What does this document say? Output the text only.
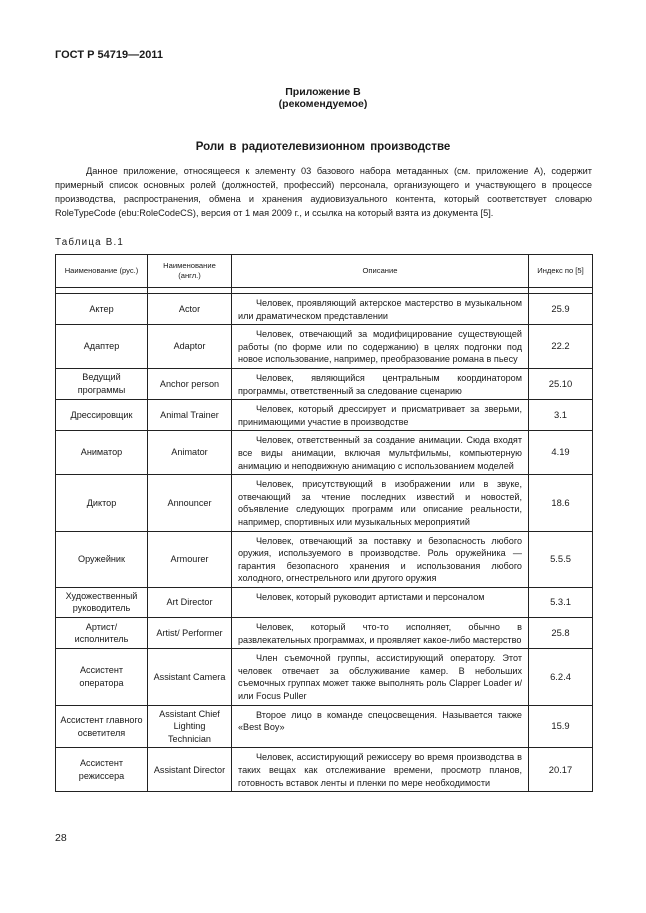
ГОСТ Р 54719—2011
Приложение В
(рекомендуемое)
Роли в радиотелевизионном производстве

Данное приложение, относящееся к элементу 03 базового набора метаданных (см. приложение А), содержит примерный список основных ролей (должностей, профессий) персонала, организующего и участвующего в процессе производства, распространения, обмена и хранения аудиовизуального контента, который соответствует словарю RoleTypeCode (ebu:RoleCodeCS), версия от 1 мая 2009 г., и ссылка на который взята из документа [5].

Таблица В.1
Наименование (рус.)	Наименование (англ.)	Описание	Индекс по [5]

Актер	Actor	Человек, проявляющий актерское мастерство в музыкальном или драматическом представлении	25.9
Адаптер	Adaptor	Человек, отвечающий за модифицирование существующей работы (по форме или по содержанию) в целях подгонки под новое использование, например, преобразование романа в пьесу	22.2
Ведущий программы	Anchor person	Человек, являющийся центральным координатором программы, ответственный за следование сценарию	25.10
Дрессировщик	Animal Trainer	Человек, который дрессирует и присматривает за зверьми, принимающими участие в производстве	3.1
Аниматор	Animator	Человек, ответственный за создание анимации. Сюда входят все виды анимации, включая мультфильмы, компьютерную анимацию и неподвижную анимацию с использованием моделей	4.19
Диктор	Announcer	Человек, присутствующий в изображении или в звуке, отвечающий за чтение последних известий и новостей, объявление следующих программ или описание реальности, например, спортивных или музыкальных мероприятий	18.6
Оружейник	Armourer	Человек, отвечающий за поставку и безопасность любого оружия, используемого в производстве. Роль оружейника — гарантия безопасного хранения и использования любого холодного, огнестрельного или другого оружия	5.5.5
Художественный руководитель	Art Director	Человек, который руководит артистами и персоналом	5.3.1
Артист/ исполнитель	Artist/ Performer	Человек, который что-то исполняет, обычно в развлекательных программах, и проявляет какое-либо мастерство	25.8
Ассистент оператора	Assistant Camera	Член съемочной группы, ассистирующий оператору. Этот человек отвечает за обслуживание камер. В небольших съемочных группах может также выполнять роль Clapper Loader и/или Focus Puller	6.2.4
Ассистент главного осветителя	Assistant Chief Lighting Technician	Второе лицо в команде спецосвещения. Называется также «Best Boy»	15.9
Ассистент режиссера	Assistant Director	Человек, ассистирующий режиссеру во время производства в таких вещах как отслеживание времени, просмотр планов, готовность вставок ленты и пленки по мере необходимости	20.17
28
